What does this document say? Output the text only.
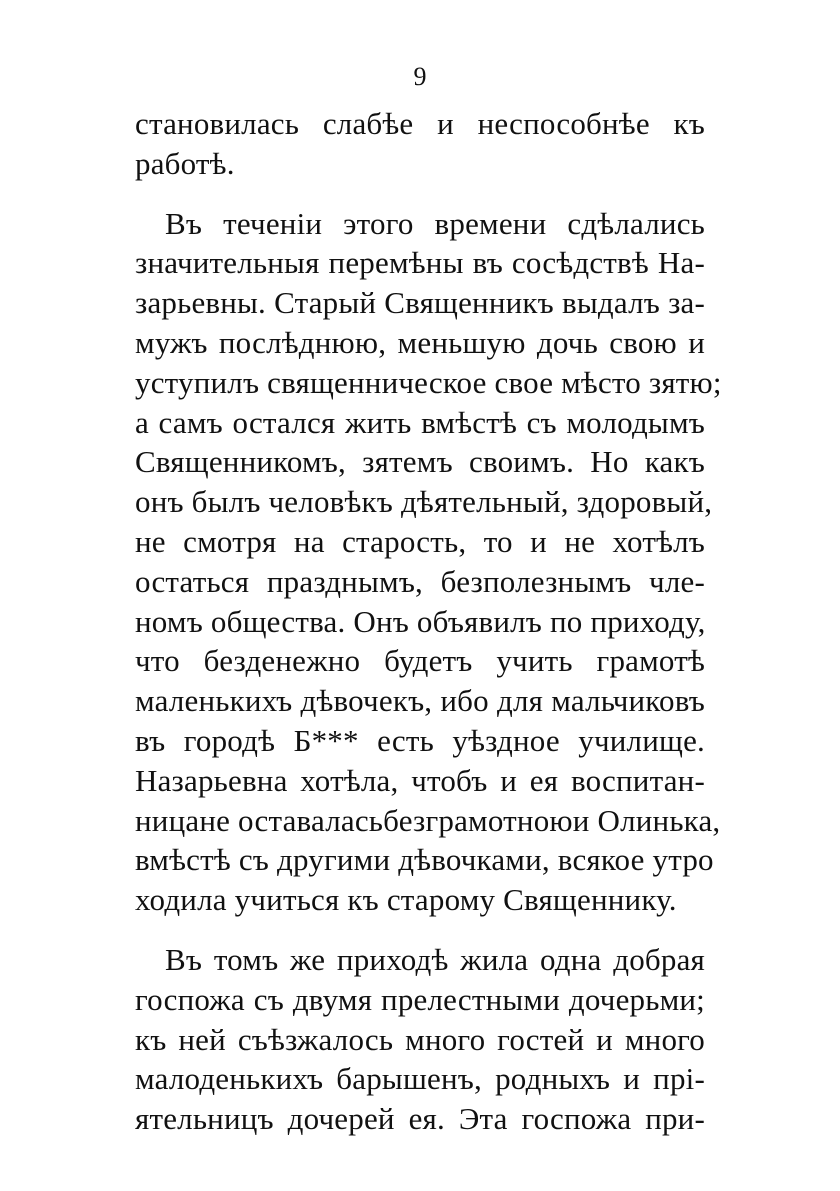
9
становилась слабѣе и неспособнѣе къ
работѣ.
Въ теченіи этого времени сдѣлались
значительныя перемѣны въ сосѣдствѣ На-
зарьевны. Старый Священникъ выдалъ за-
мужъ послѣднюю, меньшую дочь свою и
уступилъ священническое свое мѣсто зятю;
а самъ остался жить вмѣстѣ съ молодымъ
Священникомъ, зятемъ своимъ. Но какъ
онъ былъ человѣкъ дѣятельный, здоровый,
не смотря на старость, то и не хотѣлъ
остаться празднымъ, безполезнымъ чле-
номъ общества. Онъ объявилъ по приходу,
что безденежно будетъ учить грамотѣ
маленькихъ дѣвочекъ, ибо для мальчиковъ
въ городѣ Б*** есть уѣздное училище.
Назарьевна хотѣла, чтобъ и ея воспитан-
ницане оставаласьбезграмотноюи Олинька,
вмѣстѣ съ другими дѣвочками, всякое утро
ходила учиться къ старому Священнику.
Въ томъ же приходѣ жила одна добрая
госпожа съ двумя прелестными дочерьми;
къ ней съѣзжалось много гостей и много
малоденькихъ барышенъ, родныхъ и прі-
ятельницъ дочерей ея. Эта госпожа при-
